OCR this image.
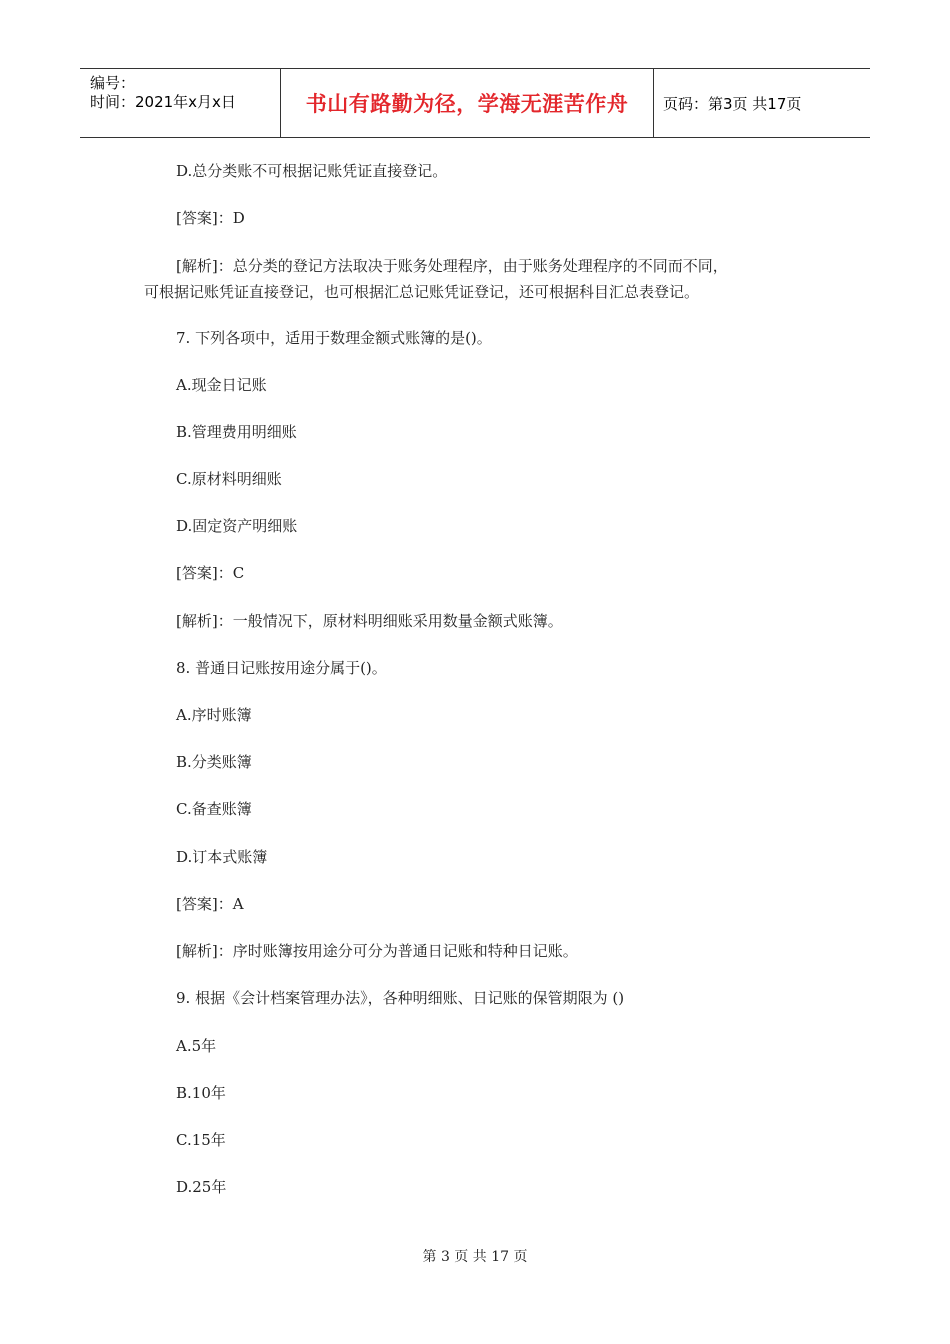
编号：
时间：2021年x月x日	书山有路勤为径，学海无涯苦作舟	页码：第3页 共17页
D.总分类账不可根据记账凭证直接登记。
[答案]：D
[解析]：总分类的登记方法取决于账务处理程序，由于账务处理程序的不同而不同，
可根据记账凭证直接登记，也可根据汇总记账凭证登记，还可根据科目汇总表登记。
7. 下列各项中，适用于数理金额式账簿的是()。
A.现金日记账
B.管理费用明细账
C.原材料明细账
D.固定资产明细账
[答案]：C
[解析]：一般情况下，原材料明细账采用数量金额式账簿。
8. 普通日记账按用途分属于()。
A.序时账簿
B.分类账簿
C.备查账簿
D.订本式账簿
[答案]：A
[解析]：序时账簿按用途分可分为普通日记账和特种日记账。
9. 根据《会计档案管理办法》，各种明细账、日记账的保管期限为 ()
A.5年
B.10年
C.15年
D.25年
第 3 页 共 17 页
